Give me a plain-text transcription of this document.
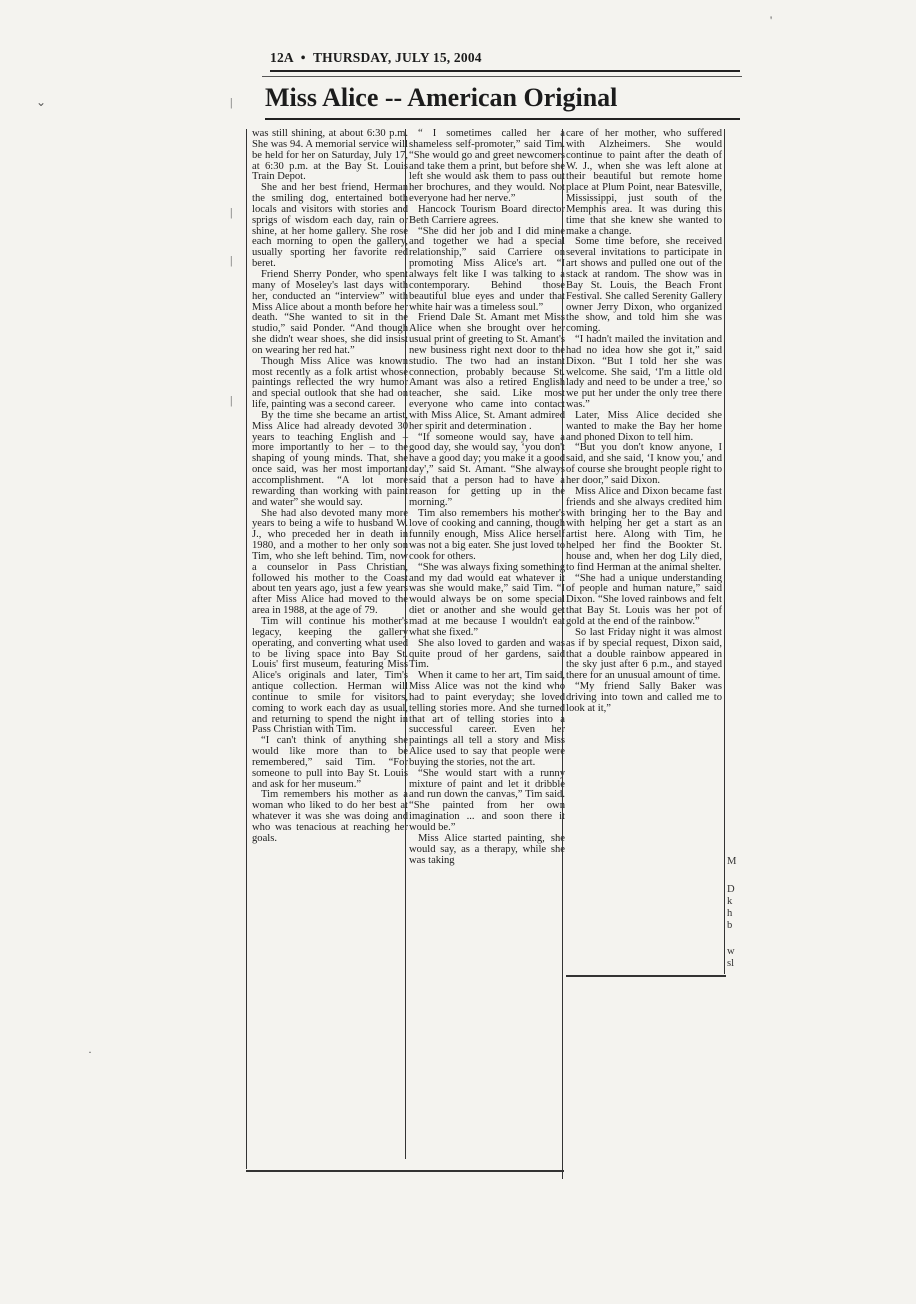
12A • THURSDAY, JULY 15, 2004
Miss Alice -- American Original

was still shining, at about 6:30 p.m. She was 94. A memorial service will be held for her on Saturday, July 17, at 6:30 p.m. at the Bay St. Louis Train Depot.

She and her best friend, Herman the smiling dog, entertained both locals and visitors with stories and sprigs of wisdom each day, rain or shine, at her home gallery. She rose each morning to open the gallery, usually sporting her favorite red beret.

Friend Sherry Ponder, who spent many of Moseley's last days with her, conducted an “interview” with Miss Alice about a month before her death. “She wanted to sit in the studio,” said Ponder. “And though she didn't wear shoes, she did insist on wearing her red hat.”

Though Miss Alice was known most recently as a folk artist whose paintings reflected the wry humor and special outlook that she had on life, painting was a second career.

By the time she became an artist, Miss Alice had already devoted 30 years to teaching English and – more importantly to her – to the shaping of young minds. That, she once said, was her most important accomplishment. “A lot more rewarding than working with paint and water” she would say.

She had also devoted many more years to being a wife to husband W. J., who preceded her in death in 1980, and a mother to her only son Tim, who she left behind. Tim, now a counselor in Pass Christian, followed his mother to the Coast about ten years ago, just a few years after Miss Alice had moved to the area in 1988, at the age of 79.

Tim will continue his mother's legacy, keeping the gallery operating, and converting what used to be living space into Bay St. Louis' first museum, featuring Miss Alice's originals and later, Tim's antique collection. Herman will continue to smile for visitors, coming to work each day as usual, and returning to spend the night in Pass Christian with Tim.

“I can't think of anything she would like more than to be remembered,” said Tim. “For someone to pull into Bay St. Louis and ask for her museum.”

Tim remembers his mother as a woman who liked to do her best at whatever it was she was doing and who was tenacious at reaching her goals.

“ I sometimes called her a shameless self-promoter,” said Tim. “She would go and greet newcomers and take them a print, but before she left she would ask them to pass out her brochures, and they would. Not everyone had her nerve.”

Hancock Tourism Board director Beth Carriere agrees.

“She did her job and I did mine and together we had a special relationship,” said Carriere on promoting Miss Alice's art. “I always felt like I was talking to a contemporary. Behind those beautiful blue eyes and under that white hair was a timeless soul.”

Friend Dale St. Amant met Miss Alice when she brought over her usual print of greeting to St. Amant's new business right next door to the studio. The two had an instant connection, probably because St. Amant was also a retired English teacher, she said. Like most everyone who came into contact with Miss Alice, St. Amant admired her spirit and determination .

“If someone would say, have a good day, she would say, ‘you don't have a good day; you make it a good day',” said St. Amant. “She always said that a person had to have a reason for getting up in the morning.”

Tim also remembers his mother's love of cooking and canning, though funnily enough, Miss Alice herself was not a big eater. She just loved to cook for others.

“She was always fixing something and my dad would eat whatever it was she would make,” said Tim. “I would always be on some special diet or another and she would get mad at me because I wouldn't eat what she fixed.”

She also loved to garden and was quite proud of her gardens, said Tim.

When it came to her art, Tim said, Miss Alice was not the kind who had to paint everyday; she loved telling stories more. And she turned that art of telling stories into a successful career. Even her paintings all tell a story and Miss Alice used to say that people were buying the stories, not the art.

“She would start with a runny mixture of paint and let it dribble and run down the canvas,” Tim said. “She painted from her own imagination ... and soon there it would be.”

Miss Alice started painting, she would say, as a therapy, while she was taking

care of her mother, who suffered with Alzheimers. She would continue to paint after the death of W. J., when she was left alone at their beautiful but remote home place at Plum Point, near Batesville, Mississippi, just south of the Memphis area. It was during this time that she knew she wanted to make a change.

Some time before, she received several invitations to participate in art shows and pulled one out of the stack at random. The show was in Bay St. Louis, the Beach Front Festival. She called Serenity Gallery owner Jerry Dixon, who organized the show, and told him she was coming.

“I hadn't mailed the invitation and had no idea how she got it,” said Dixon. “But I told her she was welcome. She said, ‘I'm a little old lady and need to be under a tree,' so we put her under the only tree there was.”

Later, Miss Alice decided she wanted to make the Bay her home and phoned Dixon to tell him.

“But you don't know anyone, I said, and she said, ‘I know you,' and of course she brought people right to her door,” said Dixon.

Miss Alice and Dixon became fast friends and she always credited him with bringing her to the Bay and with helping her get a start as an artist here. Along with Tim, he helped her find the Bookter St. house and, when her dog Lily died, to find Herman at the animal shelter.

“She had a unique understanding of people and human nature,” said Dixon. “She loved rainbows and felt that Bay St. Louis was her pot of gold at the end of the rainbow.”

So last Friday night it was almost as if by special request, Dixon said, that a double rainbow appeared in the sky just after 6 p.m., and stayed there for an unusual amount of time.

“My friend Sally Baker was driving into town and called me to look at it,”

M
D
k
h
b
w
sl
⌄	|
|
|
|
'
·
